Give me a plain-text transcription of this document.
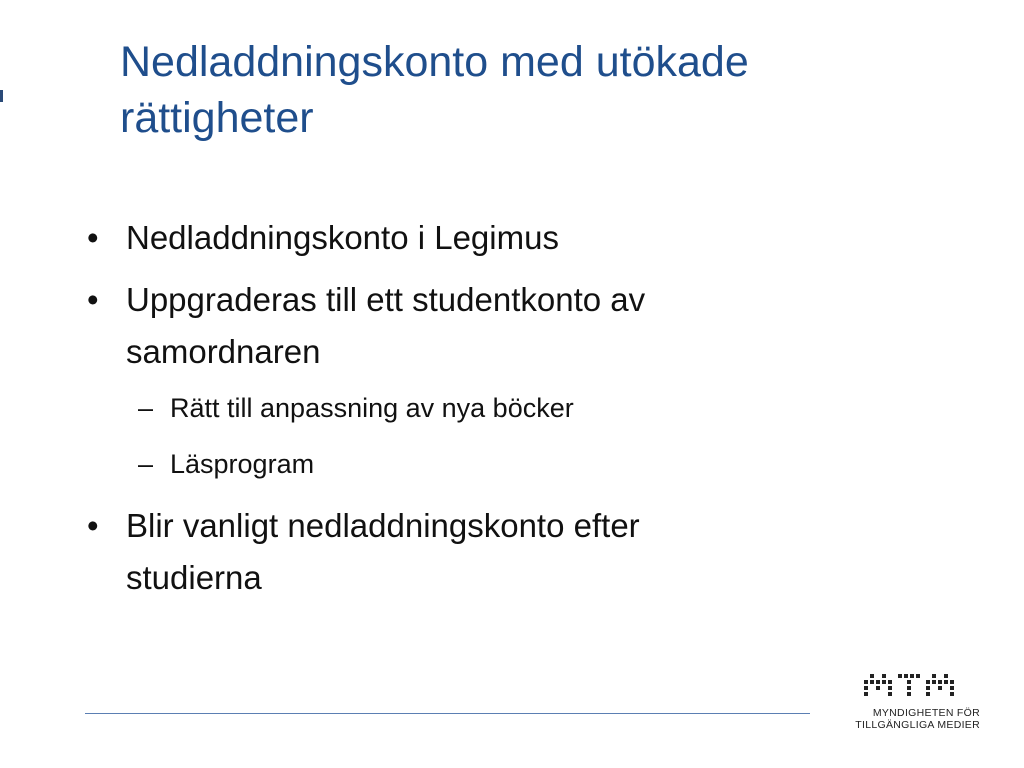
Nedladdningskonto med utökade
rättigheter
• Nedladdningskonto i Legimus
• Uppgraderas till ett studentkonto av
samordnaren
– Rätt till anpassning av nya böcker
– Läsprogram
• Blir vanligt nedladdningskonto efter
studierna
MYNDIGHETEN FÖR
TILLGÄNGLIGA MEDIER
